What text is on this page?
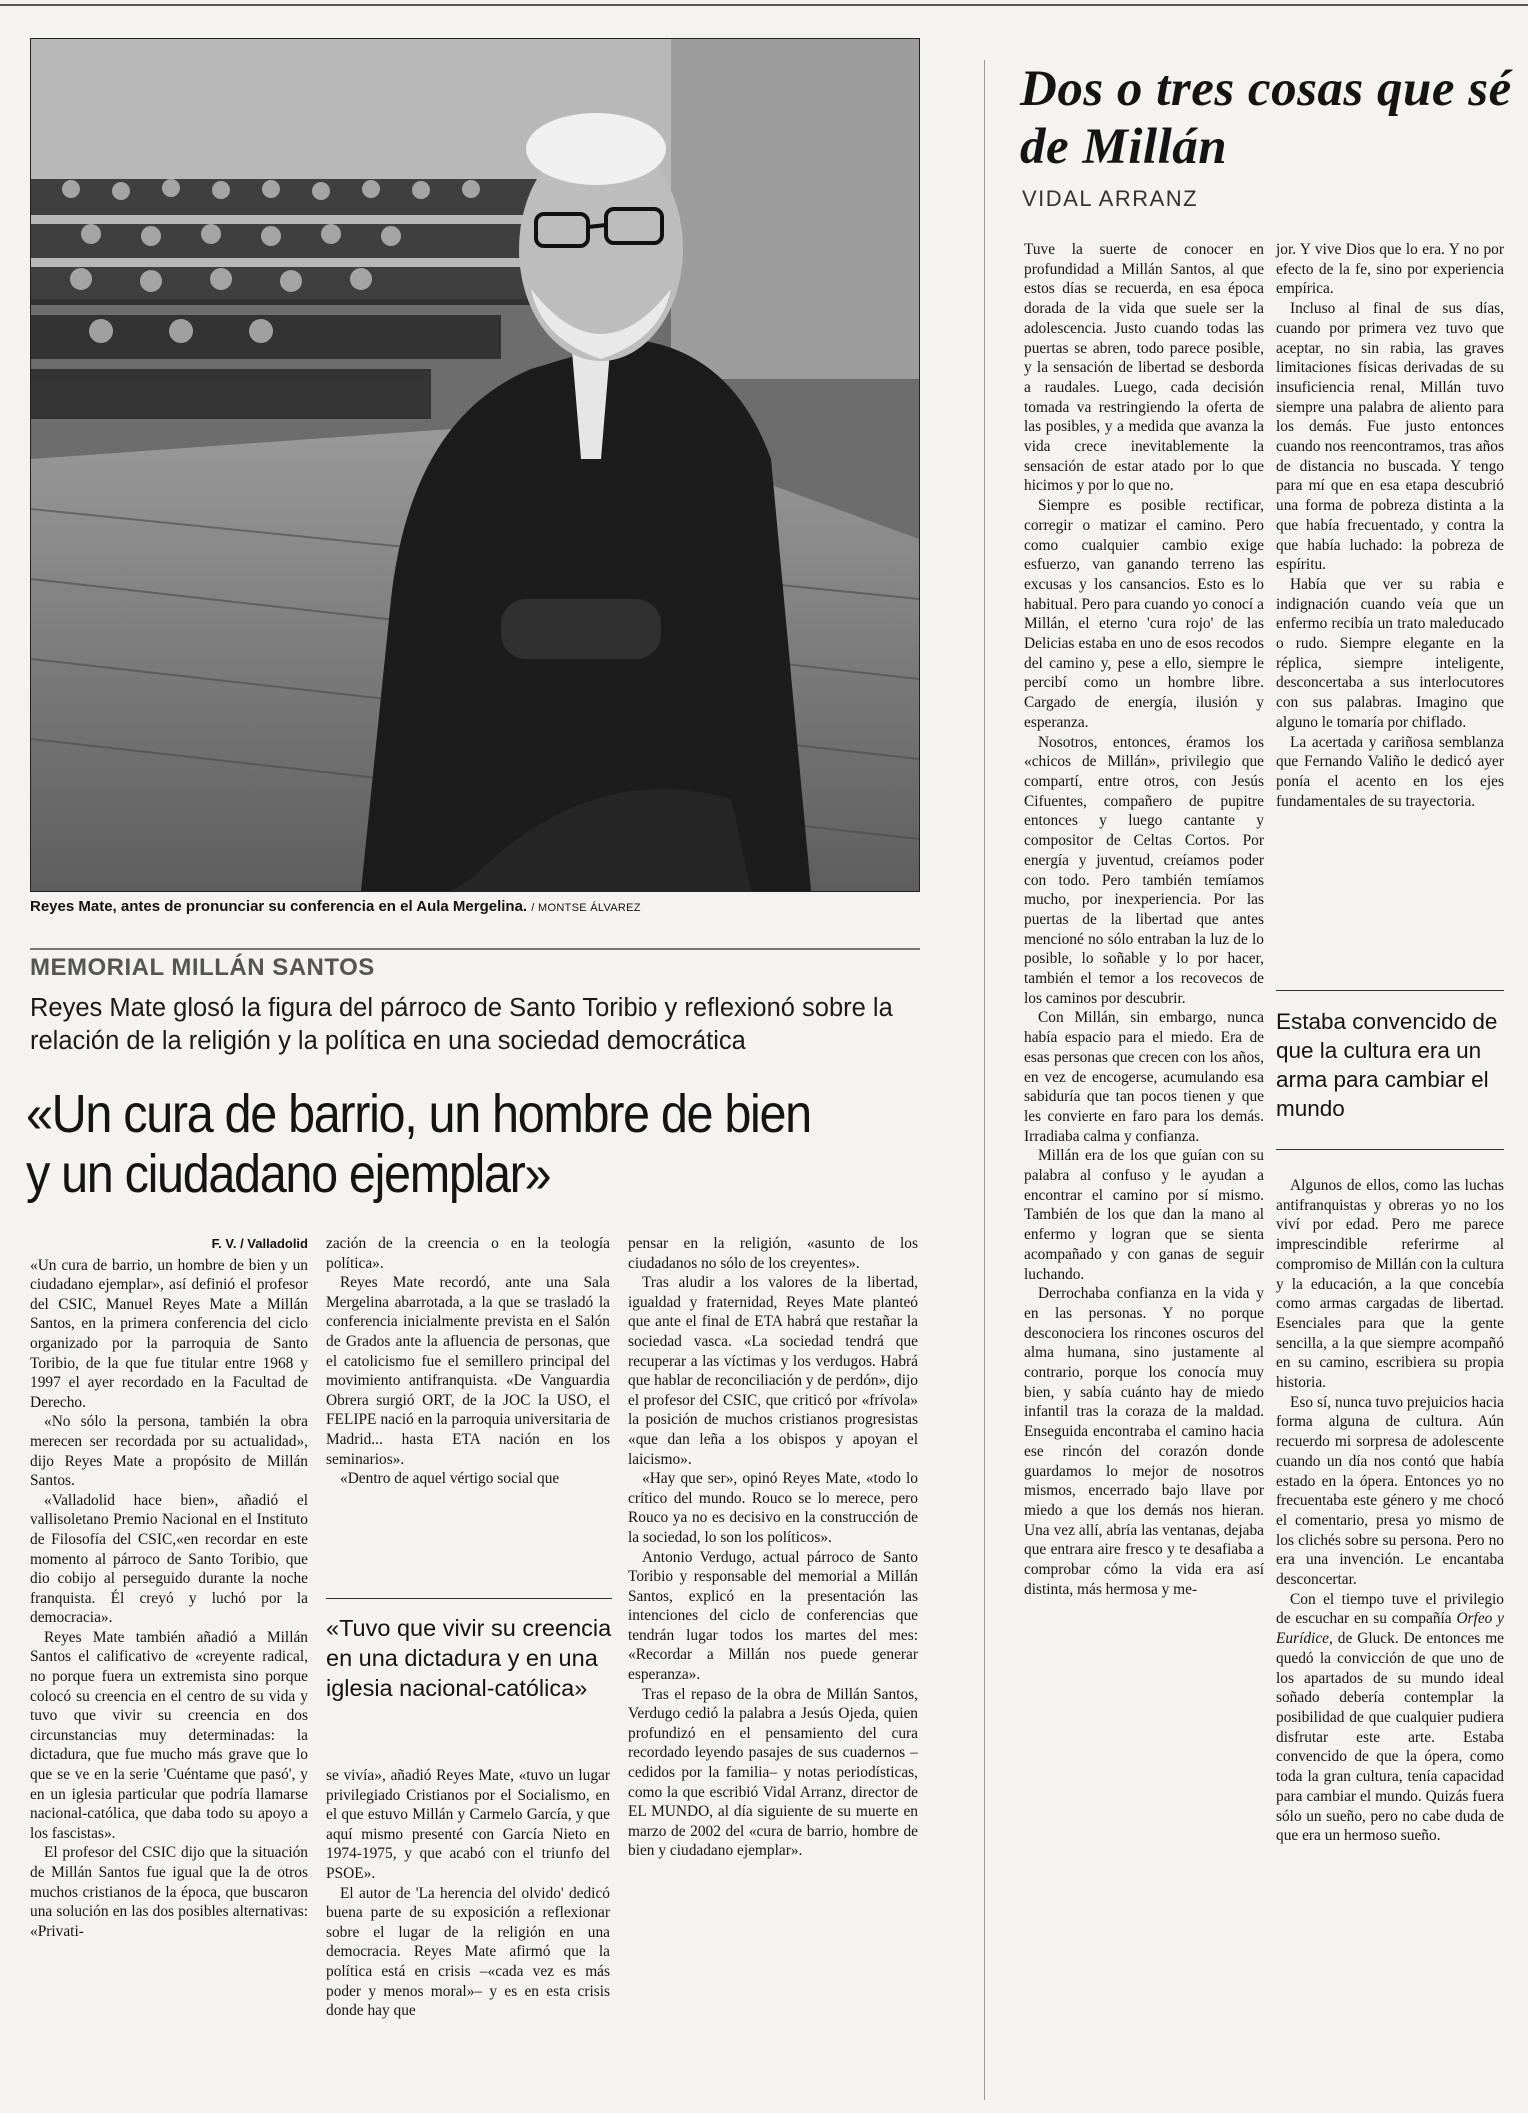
Reyes Mate, antes de pronunciar su conferencia en el Aula Mergelina. / MONTSE ÁLVAREZ
MEMORIAL MILLÁN SANTOS
Reyes Mate glosó la figura del párroco de Santo Toribio y reflexionó sobre la relación de la religión y la política en una sociedad democrática
«Un cura de barrio, un hombre de bien y un ciudadano ejemplar»
F. V. / Valladolid

«Un cura de barrio, un hombre de bien y un ciudadano ejemplar», así definió el profesor del CSIC, Manuel Reyes Mate a Millán Santos, en la primera conferencia del ciclo organizado por la parroquia de Santo Toribio, de la que fue titular entre 1968 y 1997 el ayer recordado en la Facultad de Derecho.

«No sólo la persona, también la obra merecen ser recordada por su actualidad», dijo Reyes Mate a propósito de Millán Santos.

«Valladolid hace bien», añadió el vallisoletano Premio Nacional en el Instituto de Filosofía del CSIC,«en recordar en este momento al párroco de Santo Toribio, que dio cobijo al perseguido durante la noche franquista. Él creyó y luchó por la democracia».

Reyes Mate también añadió a Millán Santos el calificativo de «creyente radical, no porque fuera un extremista sino porque colocó su creencia en el centro de su vida y tuvo que vivir su creencia en dos circunstancias muy determinadas: la dictadura, que fue mucho más grave que lo que se ve en la serie 'Cuéntame que pasó', y en un iglesia particular que podría llamarse nacional-católica, que daba todo su apoyo a los fascistas».

El profesor del CSIC dijo que la situación de Millán Santos fue igual que la de otros muchos cristianos de la época, que buscaron una solución en las dos posibles alternativas: «Privati-

zación de la creencia o en la teología política».

Reyes Mate recordó, ante una Sala Mergelina abarrotada, a la que se trasladó la conferencia inicialmente prevista en el Salón de Grados ante la afluencia de personas, que el catolicismo fue el semillero principal del movimiento antifranquista. «De Vanguardia Obrera surgió ORT, de la JOC la USO, el FELIPE nació en la parroquia universitaria de Madrid... hasta ETA nación en los seminarios».

«Dentro de aquel vértigo social que

«Tuvo que vivir su creencia en una dictadura y en una iglesia nacional-católica»

se vivía», añadió Reyes Mate, «tuvo un lugar privilegiado Cristianos por el Socialismo, en el que estuvo Millán y Carmelo García, y que aquí mismo presenté con García Nieto en 1974-1975, y que acabó con el triunfo del PSOE».

El autor de 'La herencia del olvido' dedicó buena parte de su exposición a reflexionar sobre el lugar de la religión en una democracia. Reyes Mate afirmó que la política está en crisis –«cada vez es más poder y menos moral»– y es en esta crisis donde hay que

pensar en la religión, «asunto de los ciudadanos no sólo de los creyentes».

Tras aludir a los valores de la libertad, igualdad y fraternidad, Reyes Mate planteó que ante el final de ETA habrá que restañar la sociedad vasca. «La sociedad tendrá que recuperar a las víctimas y los verdugos. Habrá que hablar de reconciliación y de perdón», dijo el profesor del CSIC, que criticó por «frívola» la posición de muchos cristianos progresistas «que dan leña a los obispos y apoyan el laicismo».

«Hay que ser», opinó Reyes Mate, «todo lo crítico del mundo. Rouco se lo merece, pero Rouco ya no es decisivo en la construcción de la sociedad, lo son los políticos».

Antonio Verdugo, actual párroco de Santo Toribio y responsable del memorial a Millán Santos, explicó en la presentación las intenciones del ciclo de conferencias que tendrán lugar todos los martes del mes: «Recordar a Millán nos puede generar esperanza».

Tras el repaso de la obra de Millán Santos, Verdugo cedió la palabra a Jesús Ojeda, quien profundizó en el pensamiento del cura recordado leyendo pasajes de sus cuadernos –cedidos por la familia– y notas periodísticas, como la que escribió Vidal Arranz, director de EL MUNDO, al día siguiente de su muerte en marzo de 2002 del «cura de barrio, hombre de bien y ciudadano ejemplar».

Dos o tres cosas que sé de Millán
VIDAL ARRANZ

Tuve la suerte de conocer en profundidad a Millán Santos, al que estos días se recuerda, en esa época dorada de la vida que suele ser la adolescencia. Justo cuando todas las puertas se abren, todo parece posible, y la sensación de libertad se desborda a raudales. Luego, cada decisión tomada va restringiendo la oferta de las posibles, y a medida que avanza la vida crece inevitablemente la sensación de estar atado por lo que hicimos y por lo que no.

Siempre es posible rectificar, corregir o matizar el camino. Pero como cualquier cambio exige esfuerzo, van ganando terreno las excusas y los cansancios. Esto es lo habitual. Pero para cuando yo conocí a Millán, el eterno 'cura rojo' de las Delicias estaba en uno de esos recodos del camino y, pese a ello, siempre le percibí como un hombre libre. Cargado de energía, ilusión y esperanza.

Nosotros, entonces, éramos los «chicos de Millán», privilegio que compartí, entre otros, con Jesús Cifuentes, compañero de pupitre entonces y luego cantante y compositor de Celtas Cortos. Por energía y juventud, creíamos poder con todo. Pero también temíamos mucho, por inexperiencia. Por las puertas de la libertad que antes mencioné no sólo entraban la luz de lo posible, lo soñable y lo por hacer, también el temor a los recovecos de los caminos por descubrir.

Con Millán, sin embargo, nunca había espacio para el miedo. Era de esas personas que crecen con los años, en vez de encogerse, acumulando esa sabiduría que tan pocos tienen y que les convierte en faro para los demás. Irradiaba calma y confianza.

Millán era de los que guían con su palabra al confuso y le ayudan a encontrar el camino por sí mismo. También de los que dan la mano al enfermo y logran que se sienta acompañado y con ganas de seguir luchando.

Derrochaba confianza en la vida y en las personas. Y no porque desconociera los rincones oscuros del alma humana, sino justamente al contrario, porque los conocía muy bien, y sabía cuánto hay de miedo infantil tras la coraza de la maldad. Enseguida encontraba el camino hacia ese rincón del corazón donde guardamos lo mejor de nosotros mismos, encerrado bajo llave por miedo a que los demás nos hieran. Una vez allí, abría las ventanas, dejaba que entrara aire fresco y te desafiaba a comprobar cómo la vida era así distinta, más hermosa y me-

jor. Y vive Dios que lo era. Y no por efecto de la fe, sino por experiencia empírica.

Incluso al final de sus días, cuando por primera vez tuvo que aceptar, no sin rabia, las graves limitaciones físicas derivadas de su insuficiencia renal, Millán tuvo siempre una palabra de aliento para los demás. Fue justo entonces cuando nos reencontramos, tras años de distancia no buscada. Y tengo para mí que en esa etapa descubrió una forma de pobreza distinta a la que había frecuentado, y contra la que había luchado: la pobreza de espíritu.

Había que ver su rabia e indignación cuando veía que un enfermo recibía un trato maleducado o rudo. Siempre elegante en la réplica, siempre inteligente, desconcertaba a sus interlocutores con sus palabras. Imagino que alguno le tomaría por chiflado.

La acertada y cariñosa semblanza que Fernando Valiño le dedicó ayer ponía el acento en los ejes fundamentales de su trayectoria.

Estaba convencido de que la cultura era un arma para cambiar el mundo

Algunos de ellos, como las luchas antifranquistas y obreras yo no los viví por edad. Pero me parece imprescindible referirme al compromiso de Millán con la cultura y la educación, a la que concebía como armas cargadas de libertad. Esenciales para que la gente sencilla, a la que siempre acompañó en su camino, escribiera su propia historia.

Eso sí, nunca tuvo prejuicios hacia forma alguna de cultura. Aún recuerdo mi sorpresa de adolescente cuando un día nos contó que había estado en la ópera. Entonces yo no frecuentaba este género y me chocó el comentario, presa yo mismo de los clichés sobre su persona. Pero no era una invención. Le encantaba desconcertar.

Con el tiempo tuve el privilegio de escuchar en su compañía Orfeo y Eurídice, de Gluck. De entonces me quedó la convicción de que uno de los apartados de su mundo ideal soñado debería contemplar la posibilidad de que cualquier pudiera disfrutar este arte. Estaba convencido de que la ópera, como toda la gran cultura, tenía capacidad para cambiar el mundo. Quizás fuera sólo un sueño, pero no cabe duda de que era un hermoso sueño.
